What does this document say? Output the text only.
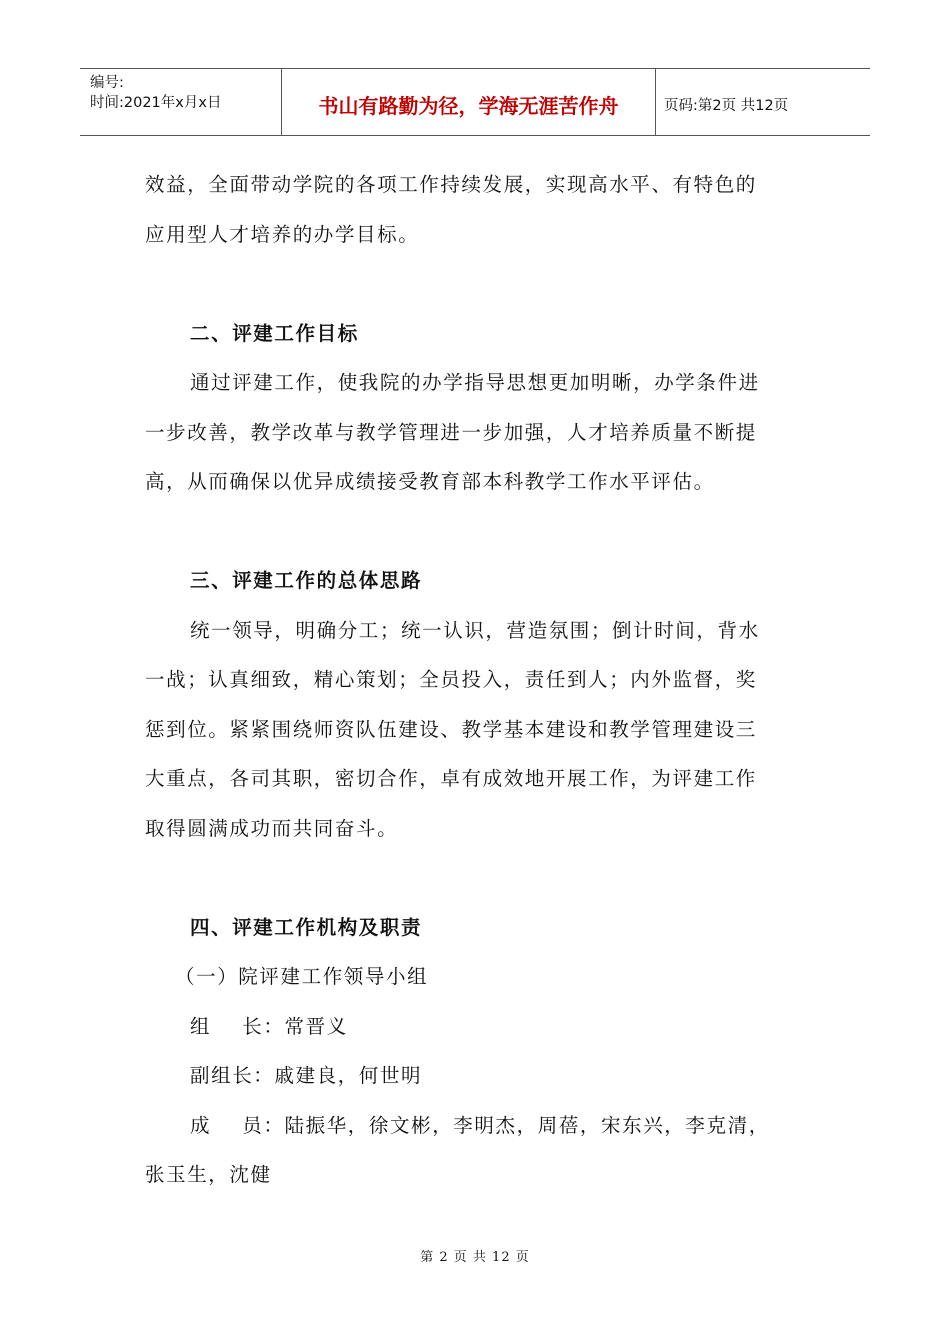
编号:
时间:2021年x月x日	书山有路勤为径，学海无涯苦作舟	页码:第2页 共12页

效益，全面带动学院的各项工作持续发展，实现高水平、有特色的

应用型人才培养的办学目标。

二、评建工作目标

通过评建工作，使我院的办学指导思想更加明晰，办学条件进

一步改善，教学改革与教学管理进一步加强，人才培养质量不断提

高，从而确保以优异成绩接受教育部本科教学工作水平评估。

三、评建工作的总体思路

统一领导，明确分工；统一认识，营造氛围；倒计时间，背水

一战；认真细致，精心策划；全员投入，责任到人；内外监督，奖

惩到位。紧紧围绕师资队伍建设、教学基本建设和教学管理建设三

大重点，各司其职，密切合作，卓有成效地开展工作，为评建工作

取得圆满成功而共同奋斗。

四、评建工作机构及职责

（一）院评建工作领导小组

组    长：常晋义

副组长：戚建良，何世明

成    员：陆振华，徐文彬，李明杰，周蓓，宋东兴，李克清，

张玉生，沈健

第 2 页 共 12 页
